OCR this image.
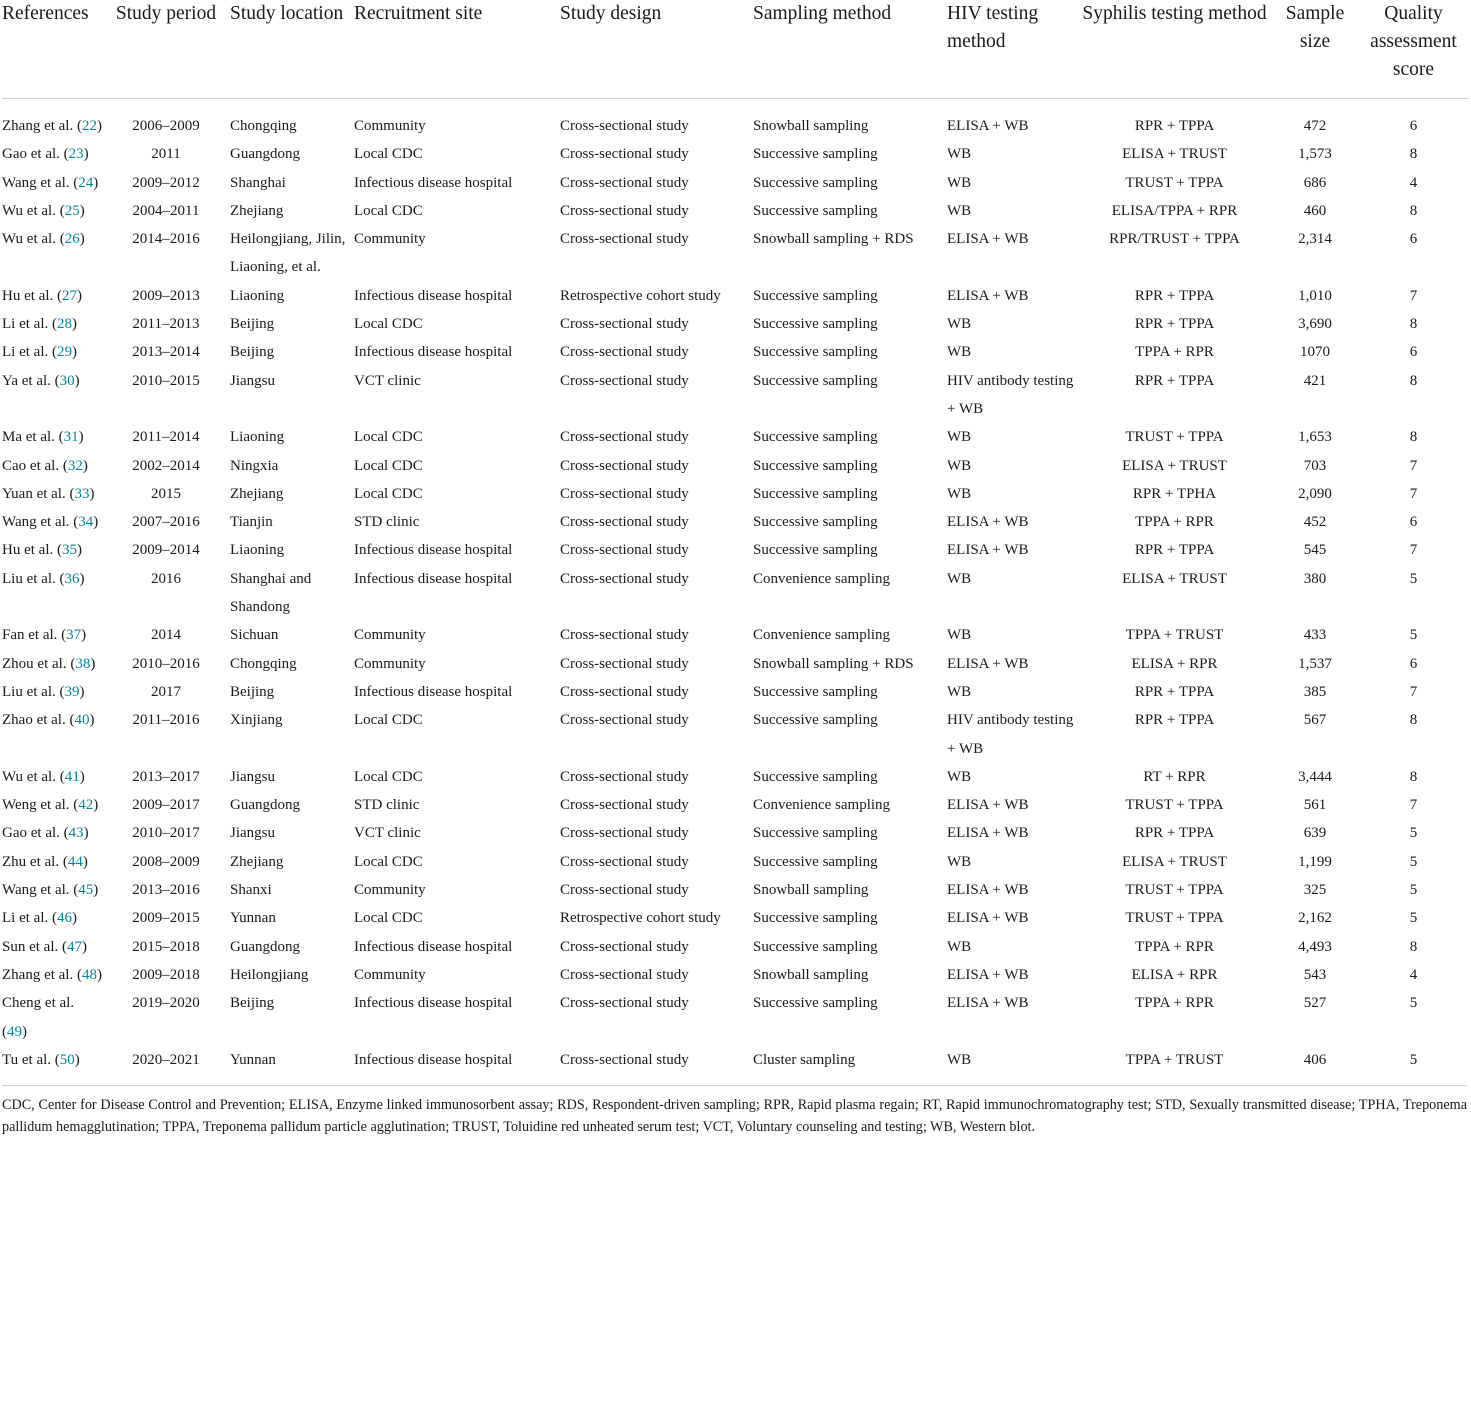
References	Study period	Study location	Recruitment site	Study design	Sampling method	HIV testing method	Syphilis testing method	Sample size	Quality assessment score
Zhang et al. (22)	2006–2009	Chongqing	Community	Cross-sectional study	Snowball sampling	ELISA + WB	RPR + TPPA	472	6
Gao et al. (23)	2011	Guangdong	Local CDC	Cross-sectional study	Successive sampling	WB	ELISA + TRUST	1,573	8
Wang et al. (24)	2009–2012	Shanghai	Infectious disease hospital	Cross-sectional study	Successive sampling	WB	TRUST + TPPA	686	4
Wu et al. (25)	2004–2011	Zhejiang	Local CDC	Cross-sectional study	Successive sampling	WB	ELISA/TPPA + RPR	460	8
Wu et al. (26)	2014–2016	Heilongjiang, Jilin, Liaoning, et al.	Community	Cross-sectional study	Snowball sampling + RDS	ELISA + WB	RPR/TRUST + TPPA	2,314	6
Hu et al. (27)	2009–2013	Liaoning	Infectious disease hospital	Retrospective cohort study	Successive sampling	ELISA + WB	RPR + TPPA	1,010	7
Li et al. (28)	2011–2013	Beijing	Local CDC	Cross-sectional study	Successive sampling	WB	RPR + TPPA	3,690	8
Li et al. (29)	2013–2014	Beijing	Infectious disease hospital	Cross-sectional study	Successive sampling	WB	TPPA + RPR	1070	6
Ya et al. (30)	2010–2015	Jiangsu	VCT clinic	Cross-sectional study	Successive sampling	HIV antibody testing + WB	RPR + TPPA	421	8
Ma et al. (31)	2011–2014	Liaoning	Local CDC	Cross-sectional study	Successive sampling	WB	TRUST + TPPA	1,653	8
Cao et al. (32)	2002–2014	Ningxia	Local CDC	Cross-sectional study	Successive sampling	WB	ELISA + TRUST	703	7
Yuan et al. (33)	2015	Zhejiang	Local CDC	Cross-sectional study	Successive sampling	WB	RPR + TPHA	2,090	7
Wang et al. (34)	2007–2016	Tianjin	STD clinic	Cross-sectional study	Successive sampling	ELISA + WB	TPPA + RPR	452	6
Hu et al. (35)	2009–2014	Liaoning	Infectious disease hospital	Cross-sectional study	Successive sampling	ELISA + WB	RPR + TPPA	545	7
Liu et al. (36)	2016	Shanghai and Shandong	Infectious disease hospital	Cross-sectional study	Convenience sampling	WB	ELISA + TRUST	380	5
Fan et al. (37)	2014	Sichuan	Community	Cross-sectional study	Convenience sampling	WB	TPPA + TRUST	433	5
Zhou et al. (38)	2010–2016	Chongqing	Community	Cross-sectional study	Snowball sampling + RDS	ELISA + WB	ELISA + RPR	1,537	6
Liu et al. (39)	2017	Beijing	Infectious disease hospital	Cross-sectional study	Successive sampling	WB	RPR + TPPA	385	7
Zhao et al. (40)	2011–2016	Xinjiang	Local CDC	Cross-sectional study	Successive sampling	HIV antibody testing + WB	RPR + TPPA	567	8
Wu et al. (41)	2013–2017	Jiangsu	Local CDC	Cross-sectional study	Successive sampling	WB	RT + RPR	3,444	8
Weng et al. (42)	2009–2017	Guangdong	STD clinic	Cross-sectional study	Convenience sampling	ELISA + WB	TRUST + TPPA	561	7
Gao et al. (43)	2010–2017	Jiangsu	VCT clinic	Cross-sectional study	Successive sampling	ELISA + WB	RPR + TPPA	639	5
Zhu et al. (44)	2008–2009	Zhejiang	Local CDC	Cross-sectional study	Successive sampling	WB	ELISA + TRUST	1,199	5
Wang et al. (45)	2013–2016	Shanxi	Community	Cross-sectional study	Snowball sampling	ELISA + WB	TRUST + TPPA	325	5
Li et al. (46)	2009–2015	Yunnan	Local CDC	Retrospective cohort study	Successive sampling	ELISA + WB	TRUST + TPPA	2,162	5
Sun et al. (47)	2015–2018	Guangdong	Infectious disease hospital	Cross-sectional study	Successive sampling	WB	TPPA + RPR	4,493	8
Zhang et al. (48)	2009–2018	Heilongjiang	Community	Cross-sectional study	Snowball sampling	ELISA + WB	ELISA + RPR	543	4
Cheng et al. (49)	2019–2020	Beijing	Infectious disease hospital	Cross-sectional study	Successive sampling	ELISA + WB	TPPA + RPR	527	5
Tu et al. (50)	2020–2021	Yunnan	Infectious disease hospital	Cross-sectional study	Cluster sampling	WB	TPPA + TRUST	406	5
CDC, Center for Disease Control and Prevention; ELISA, Enzyme linked immunosorbent assay; RDS, Respondent-driven sampling; RPR, Rapid plasma regain; RT, Rapid immunochromatography test; STD, Sexually transmitted disease; TPHA, Treponema pallidum hemagglutination; TPPA, Treponema pallidum particle agglutination; TRUST, Toluidine red unheated serum test; VCT, Voluntary counseling and testing; WB, Western blot.
